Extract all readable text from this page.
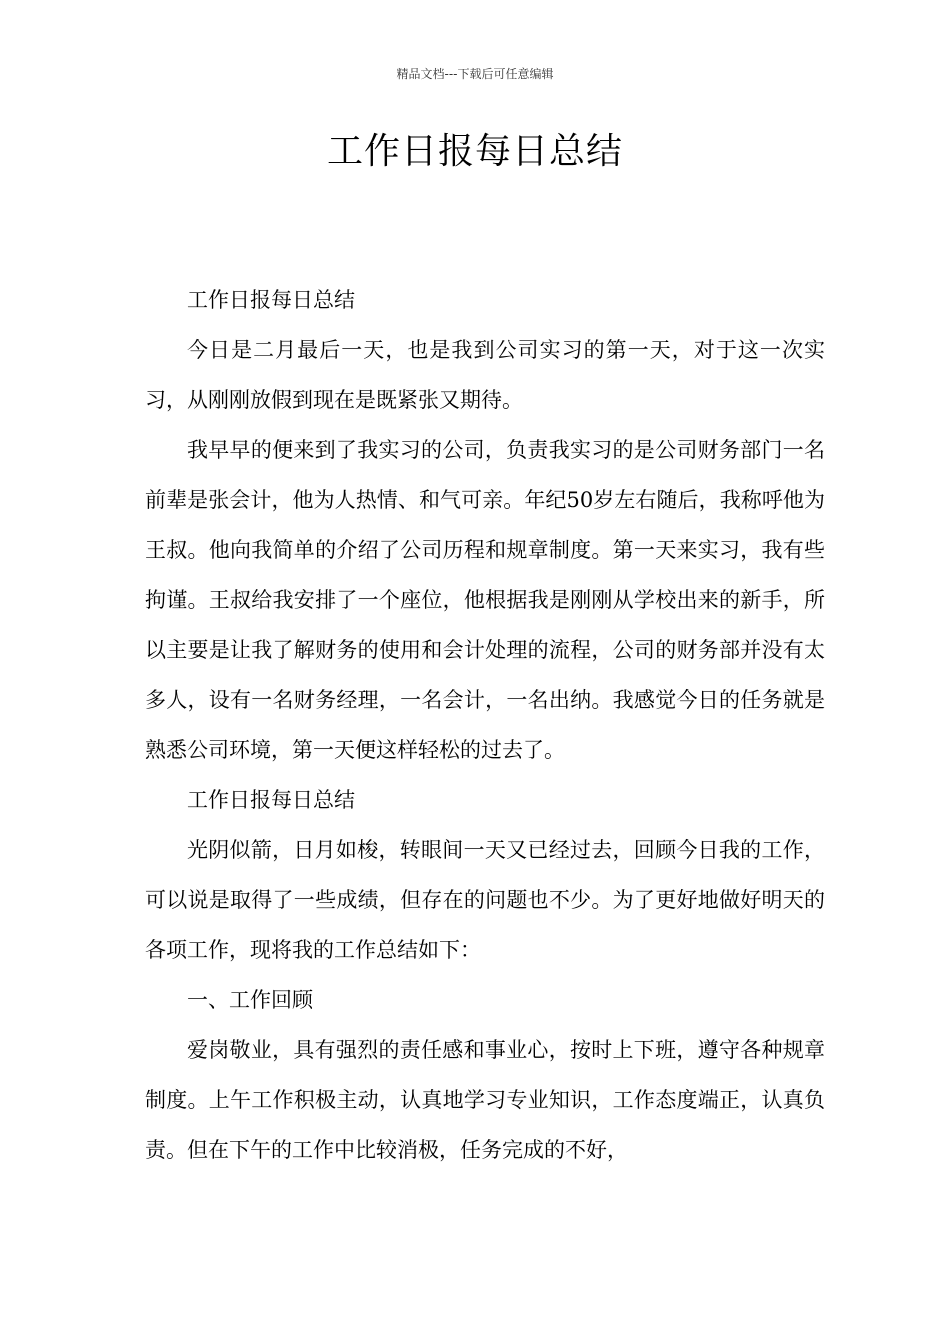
精品文档---下载后可任意编辑
工作日报每日总结

工作日报每日总结

今日是二月最后一天，也是我到公司实习的第一天，对于这一次实习，从刚刚放假到现在是既紧张又期待。

我早早的便来到了我实习的公司，负责我实习的是公司财务部门一名前辈是张会计，他为人热情、和气可亲。年纪50岁左右随后，我称呼他为王叔。他向我简单的介绍了公司历程和规章制度。第一天来实习，我有些拘谨。王叔给我安排了一个座位，他根据我是刚刚从学校出来的新手，所以主要是让我了解财务的使用和会计处理的流程，公司的财务部并没有太多人，设有一名财务经理，一名会计，一名出纳。我感觉今日的任务就是熟悉公司环境，第一天便这样轻松的过去了。

工作日报每日总结

光阴似箭，日月如梭，转眼间一天又已经过去，回顾今日我的工作，可以说是取得了一些成绩，但存在的问题也不少。为了更好地做好明天的各项工作，现将我的工作总结如下：

一、工作回顾

爱岗敬业，具有强烈的责任感和事业心，按时上下班，遵守各种规章制度。上午工作积极主动，认真地学习专业知识，工作态度端正，认真负责。但在下午的工作中比较消极，任务完成的不好，
